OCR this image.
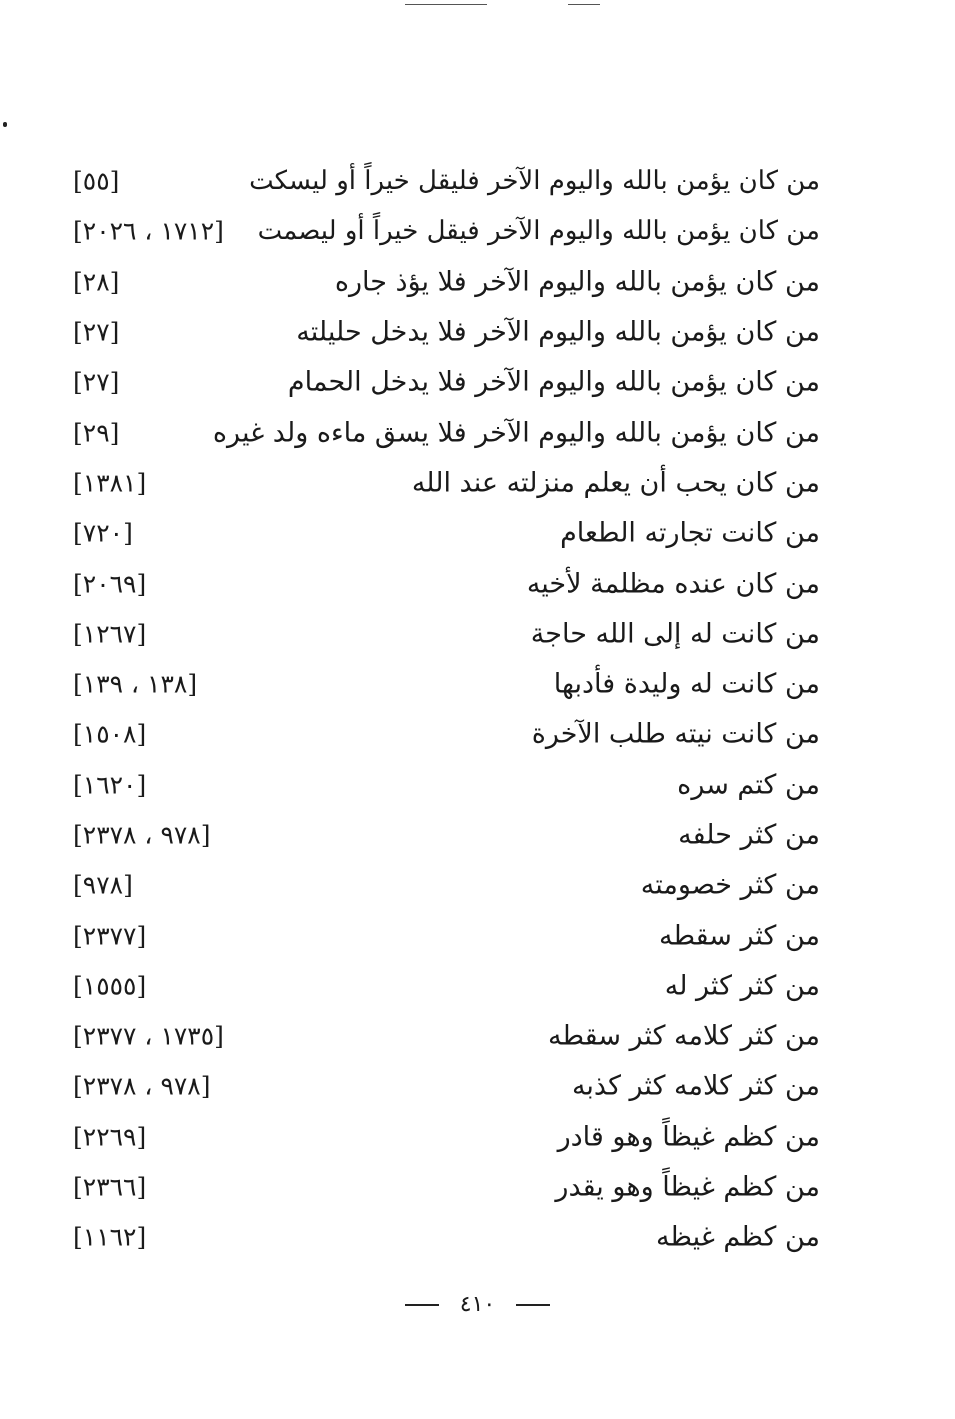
من كان يؤمن بالله واليوم الآخر فليقل خيراً أو ليسكت
[٥٥]
من كان يؤمن بالله واليوم الآخر فيقل خيراً أو ليصمت
[١٧١٢ ، ٢٠٢٦]
من كان يؤمن بالله واليوم الآخر فلا يؤذ جاره
[٢٨]
من كان يؤمن بالله واليوم الآخر فلا يدخل حليلته
[٢٧]
من كان يؤمن بالله واليوم الآخر فلا يدخل الحمام
[٢٧]
من كان يؤمن بالله واليوم الآخر فلا يسق ماءه ولد غيره
[٢٩]
من كان يحب أن يعلم منزلته عند الله
[١٣٨١]
من كانت تجارته الطعام
[٧٢٠]
من كان عنده مظلمة لأخيه
[٢٠٦٩]
من كانت له إلى الله حاجة
[١٢٦٧]
من كانت له وليدة فأدبها
[١٣٨ ، ١٣٩]
من كانت نيته طلب الآخرة
[١٥٠٨]
من كتم سره
[١٦٢٠]
من كثر حلفه
[٩٧٨ ، ٢٣٧٨]
من كثر خصومته
[٩٧٨]
من كثر سقطه
[٢٣٧٧]
من كثر كثر له
[١٥٥٥]
من كثر كلامه كثر سقطه
[١٧٣٥ ، ٢٣٧٧]
من كثر كلامه كثر كذبه
[٩٧٨ ، ٢٣٧٨]
من كظم غيظاً وهو قادر
[٢٢٦٩]
من كظم غيظاً وهو يقدر
[٢٣٦٦]
من كظم غيظه
[١١٦٢]
٤١٠
